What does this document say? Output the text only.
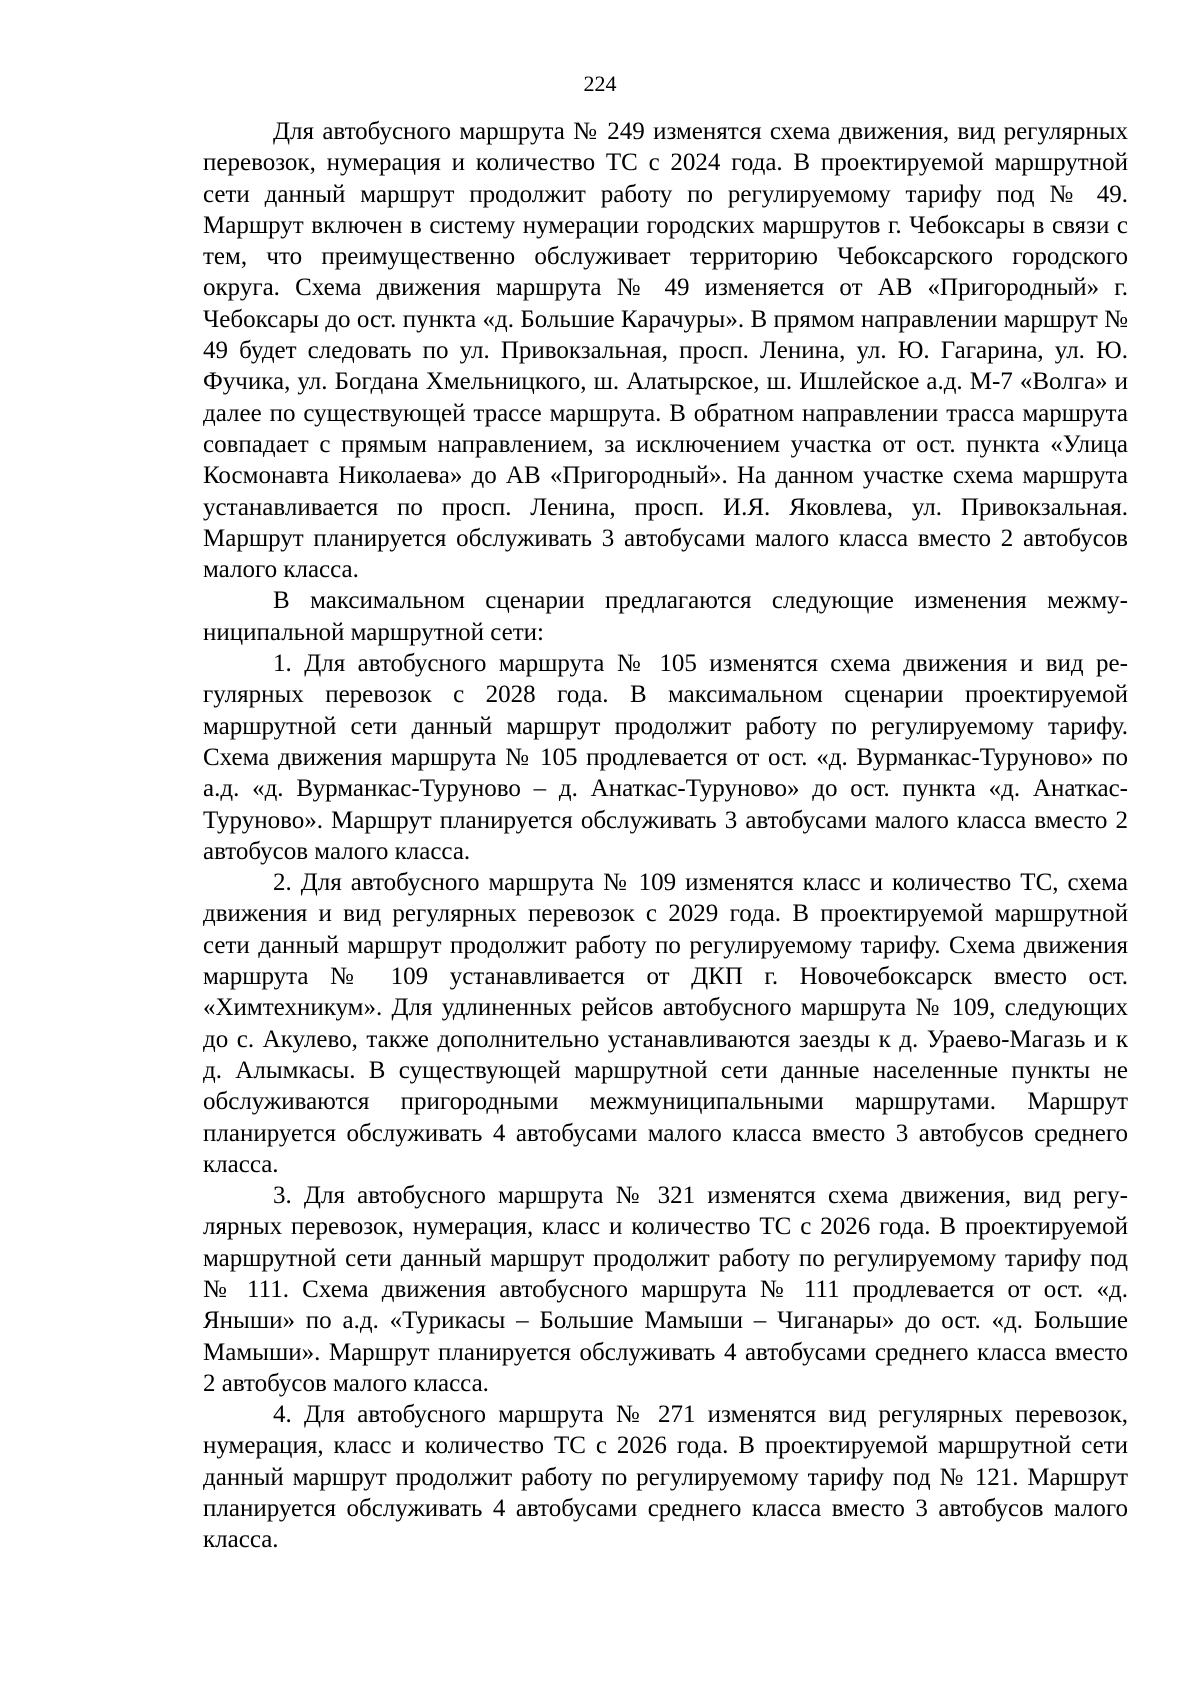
224

Для автобусного маршрута № 249 изменятся схема движения, вид регулярных перевозок, нумерация и количество ТС с 2024 года. В проектируемой маршрутной сети данный маршрут продолжит работу по регулируемому тарифу под № 49. Маршрут включен в систему нумерации городских маршрутов г. Чебоксары в связи с тем, что преимущественно обслуживает территорию Чебоксарского городского округа. Схема движения маршрута № 49 изменяется от АВ «Пригородный» г. Чебоксары до ост. пункта «д. Большие Карачуры». В прямом направлении маршрут № 49 будет следовать по ул. Привокзальная, просп. Ленина, ул. Ю. Гагарина, ул. Ю. Фучика, ул. Богдана Хмельницкого, ш. Алатырское, ш. Ишлейское а.д. М-7 «Волга» и далее по существующей трассе маршрута. В обратном направлении трасса маршрута совпадает с прямым направлением, за исключением участка от ост. пункта «Улица Космонавта Николаева» до АВ «Пригородный». На данном участке схема маршрута устанавливается по просп. Ленина, просп. И.Я. Яковлева, ул. Привокзальная. Маршрут планируется обслуживать 3 автобусами малого класса вместо 2 автобусов малого класса.

В максимальном сценарии предлагаются следующие изменения межмуниципальной маршрутной сети:

1. Для автобусного маршрута № 105 изменятся схема движения и вид регулярных перевозок с 2028 года. В максимальном сценарии проектируемой маршрутной сети данный маршрут продолжит работу по регулируемому тарифу. Схема движения маршрута № 105 продлевается от ост. «д. Вурманкас-Туруново» по а.д. «д. Вурманкас-Туруново – д. Анаткас-Туруново» до ост. пункта «д. Анаткас-Туруново». Маршрут планируется обслуживать 3 автобусами малого класса вместо 2 автобусов малого класса.

2. Для автобусного маршрута № 109 изменятся класс и количество ТС, схема движения и вид регулярных перевозок с 2029 года. В проектируемой маршрутной сети данный маршрут продолжит работу по регулируемому тарифу. Схема движения маршрута № 109 устанавливается от ДКП г. Новочебоксарск вместо ост. «Химтехникум». Для удлиненных рейсов автобусного маршрута № 109, следующих до с. Акулево, также дополнительно устанавливаются заезды к д. Ураево-Магазь и к д. Алымкасы. В существующей маршрутной сети данные населенные пункты не обслуживаются пригородными межмуниципальными маршрутами. Маршрут планируется обслуживать 4 автобусами малого класса вместо 3 автобусов среднего класса.

3. Для автобусного маршрута № 321 изменятся схема движения, вид регулярных перевозок, нумерация, класс и количество ТС с 2026 года. В проектируемой маршрутной сети данный маршрут продолжит работу по регулируемому тарифу под № 111. Схема движения автобусного маршрута № 111 продлевается от ост. «д. Яныши» по а.д. «Турикасы – Большие Мамыши – Чиганары» до ост. «д. Большие Мамыши». Маршрут планируется обслуживать 4 автобусами среднего класса вместо 2 автобусов малого класса.

4. Для автобусного маршрута № 271 изменятся вид регулярных перевозок, нумерация, класс и количество ТС с 2026 года. В проектируемой маршрутной сети данный маршрут продолжит работу по регулируемому тарифу под № 121. Маршрут планируется обслуживать 4 автобусами среднего класса вместо 3 автобусов малого класса.
